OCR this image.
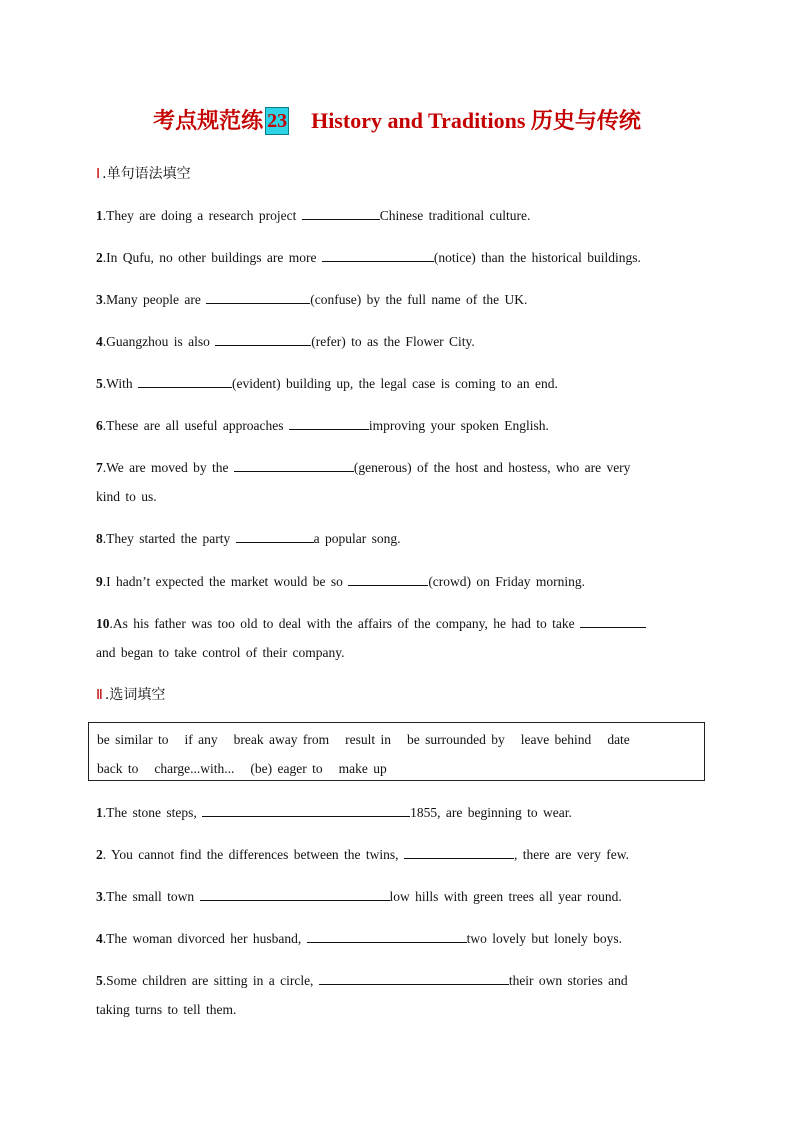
考点规范练 23 History and Traditions 历史与传统
Ⅰ .单句语法填空
1.They are doing a research project	Chinese traditional culture.
2.In Qufu, no other buildings are more	(notice) than the historical buildings.
3.Many people are	(confuse) by the full name of the UK.
4.Guangzhou is also	(refer) to as the Flower City.
5.With	(evident) building up, the legal case is coming to an end.
6.These are all useful approaches	improving your spoken English.
7.We are moved by the	(generous) of the host and hostess, who are very
kind to us.
8.They started the party	a popular song.
9.I hadn’t expected the market would be so	(crowd) on Friday morning.
10.As his father was too old to deal with the affairs of the company, he had to take
and began to take control of their company.
Ⅱ .选词填空
be similar to if any break away from result in be surrounded by leave behind date
back to charge...with... (be) eager to make up
1.The stone steps,	1855, are beginning to wear.
2. You cannot find the differences between the twins,	, there are very few.
3.The small town	low hills with green trees all year round.
4.The woman divorced her husband,	two lovely but lonely boys.
5.Some children are sitting in a circle,	their own stories and
taking turns to tell them.
